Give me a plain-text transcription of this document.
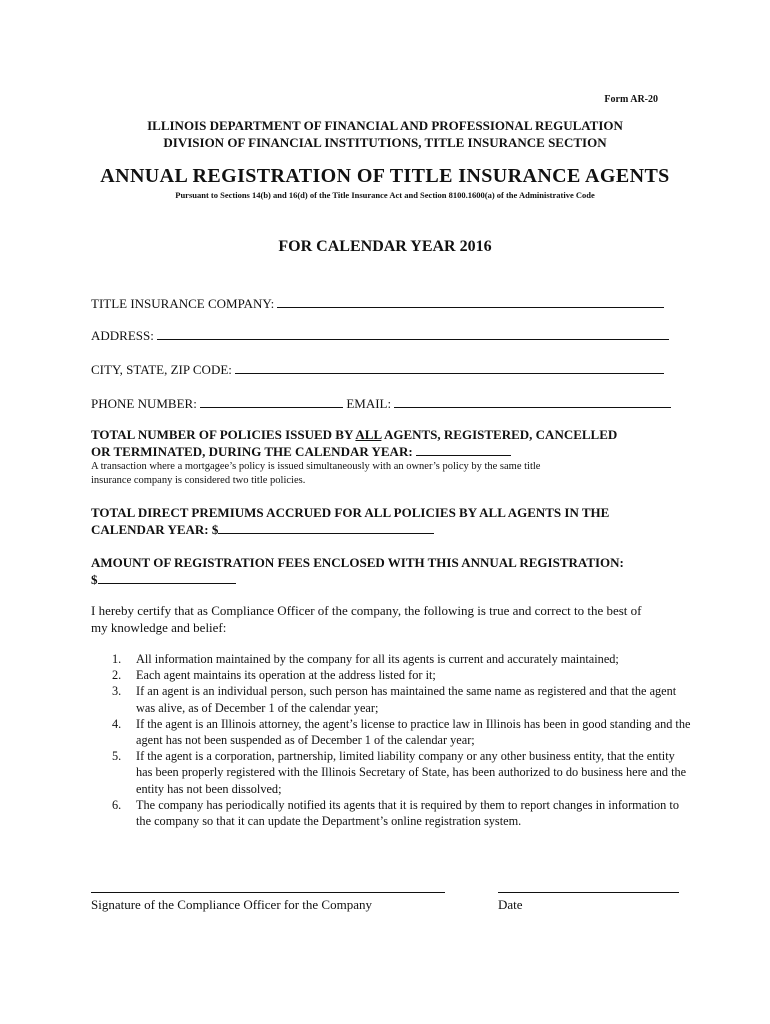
Form AR-20
ILLINOIS DEPARTMENT OF FINANCIAL AND PROFESSIONAL REGULATION
DIVISION OF FINANCIAL INSTITUTIONS, TITLE INSURANCE SECTION
ANNUAL REGISTRATION OF TITLE INSURANCE AGENTS
Pursuant to Sections 14(b) and 16(d) of the Title Insurance Act and Section 8100.1600(a) of the Administrative Code
FOR CALENDAR YEAR 2016
TITLE INSURANCE COMPANY:
ADDRESS:
CITY, STATE, ZIP CODE:
PHONE NUMBER:	EMAIL:
TOTAL NUMBER OF POLICIES ISSUED BY ALL AGENTS, REGISTERED, CANCELLED
OR TERMINATED, DURING THE CALENDAR YEAR:
A transaction where a mortgagee’s policy is issued simultaneously with an owner’s policy by the same title
insurance company is considered two title policies.
TOTAL DIRECT PREMIUMS ACCRUED FOR ALL POLICIES BY ALL AGENTS IN THE
CALENDAR YEAR: $
AMOUNT OF REGISTRATION FEES ENCLOSED WITH THIS ANNUAL REGISTRATION:
$
I hereby certify that as Compliance Officer of the company, the following is true and correct to the best of
my knowledge and belief:
1. All information maintained by the company for all its agents is current and accurately maintained;
2. Each agent maintains its operation at the address listed for it;
3. If an agent is an individual person, such person has maintained the same name as registered and that the agent was alive, as of December 1 of the calendar year;
4. If the agent is an Illinois attorney, the agent’s license to practice law in Illinois has been in good standing and the agent has not been suspended as of December 1 of the calendar year;
5. If the agent is a corporation, partnership, limited liability company or any other business entity, that the entity has been properly registered with the Illinois Secretary of State, has been authorized to do business here and the entity has not been dissolved;
6. The company has periodically notified its agents that it is required by them to report changes in information to the company so that it can update the Department’s online registration system.
Signature of the Compliance Officer for the Company	Date
